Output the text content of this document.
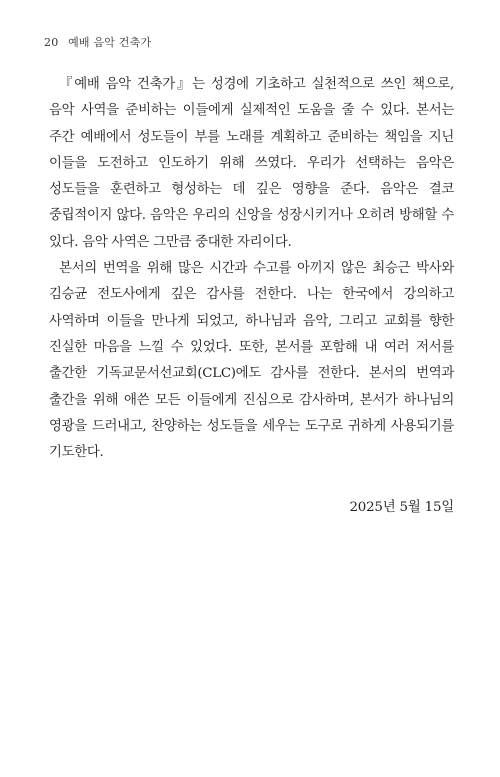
20 예배 음악 건축가

『예배 음악 건축가』는 성경에 기초하고 실천적으로 쓰인 책으로, 음악 사역을 준비하는 이들에게 실제적인 도움을 줄 수 있다. 본서는 주간 예배에서 성도들이 부를 노래를 계획하고 준비하는 책임을 지닌 이들을 도전하고 인도하기 위해 쓰였다. 우리가 선택하는 음악은 성도들을 훈련하고 형성하는 데 깊은 영향을 준다. 음악은 결코 중립적이지 않다. 음악은 우리의 신앙을 성장시키거나 오히려 방해할 수 있다. 음악 사역은 그만큼 중대한 자리이다.

본서의 번역을 위해 많은 시간과 수고를 아끼지 않은 최승근 박사와 김승균 전도사에게 깊은 감사를 전한다. 나는 한국에서 강의하고 사역하며 이들을 만나게 되었고, 하나님과 음악, 그리고 교회를 향한 진실한 마음을 느낄 수 있었다. 또한, 본서를 포함해 내 여러 저서를 출간한 기독교문서선교회(CLC)에도 감사를 전한다. 본서의 번역과 출간을 위해 애쓴 모든 이들에게 진심으로 감사하며, 본서가 하나님의 영광을 드러내고, 찬양하는 성도들을 세우는 도구로 귀하게 사용되기를 기도한다.

2025년 5월 15일
